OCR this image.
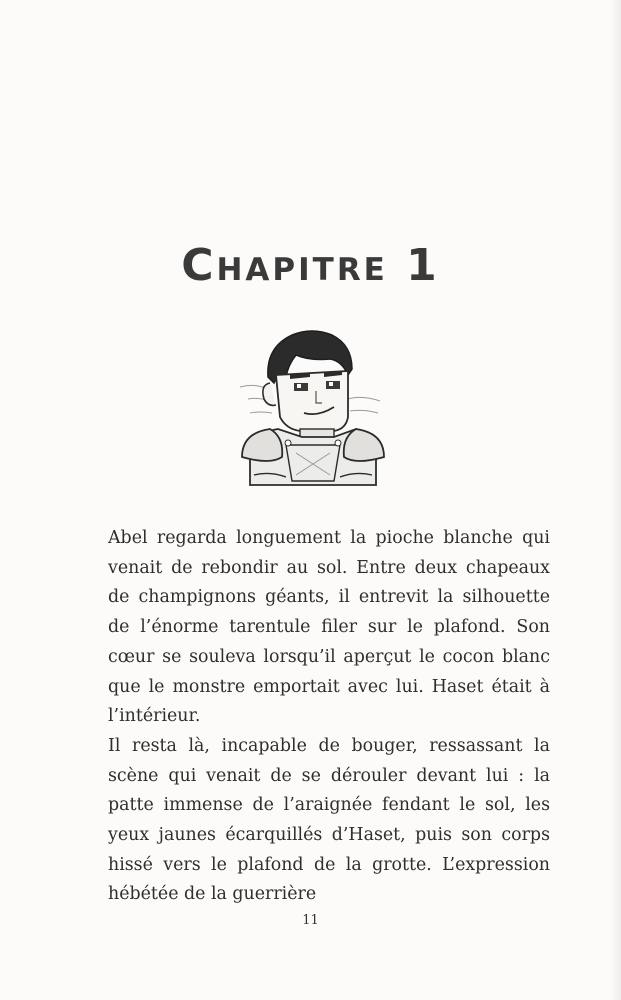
Chapitre 1

Abel regarda longuement la pioche blanche qui venait de rebondir au sol. Entre deux chapeaux de champignons géants, il entrevit la silhouette de l’énorme tarentule filer sur le plafond. Son cœur se souleva lorsqu’il aperçut le cocon blanc que le monstre emportait avec lui. Haset était à l’intérieur.

Il resta là, incapable de bouger, ressassant la scène qui venait de se dérouler devant lui : la patte immense de l’araignée fendant le sol, les yeux jaunes écarquillés d’Haset, puis son corps hissé vers le plafond de la grotte. L’expression hébétée de la guerrière

11
